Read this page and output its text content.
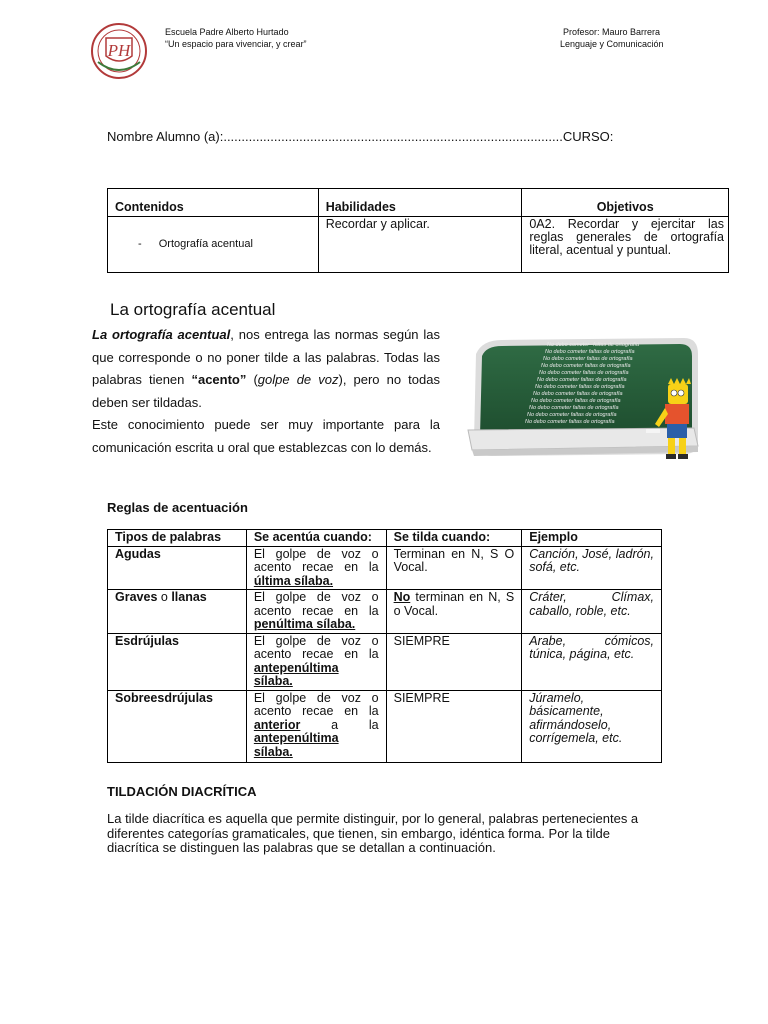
PH
Escuela Padre Alberto Hurtado
“Un espacio para vivenciar, y crear”
Profesor: Mauro Barrera
Lenguaje y Comunicación
Nombre Alumno (a):..............................................................................................CURSO:
Contenidos	Habilidades	Objetivos
- Ortografía acentual	Recordar y aplicar.	0A2. Recordar y ejercitar las reglas generales de ortografía literal, acentual y puntual.
La ortografía acentual
La ortografía acentual, nos entrega las normas según las que corresponde o no poner tilde a las palabras. Todas las palabras tienen “acento” (golpe de voz), pero no todas deben ser tildadas.
Este conocimiento puede ser muy importante para la comunicación escrita u oral que establezcas con lo demás.
No debo cometer faltas de ortografía
No debo cometer faltas de ortografía
No debo cometer faltas de ortografía
No debo cometer faltas de ortografía
No debo cometer faltas de ortografía
No debo cometer faltas de ortografía
No debo cometer faltas de ortografía
No debo cometer faltas de ortografía
No debo cometer faltas de ortografía
No debo cometer faltas de ortografía
No debo cometer faltas de ortografía
No debo cometer faltas de ortografía
Reglas de acentuación
Tipos de palabras	Se acentúa cuando:	Se tilda cuando:	Ejemplo
Agudas	El golpe de voz o acento recae en la última sílaba.	Terminan en N, S O Vocal.	Canción, José, ladrón, sofá, etc.
Graves o llanas	El golpe de voz o acento recae en la penúltima sílaba.	No terminan en N, S o Vocal.	Cráter, Clímax, caballo, roble, etc.
Esdrújulas	El golpe de voz o acento recae en la antepenúltima sílaba.	SIEMPRE	Arabe, cómicos, túnica, página, etc.
Sobreesdrújulas	El golpe de voz o acento recae en la anterior a la antepenúltima sílaba.	SIEMPRE	Júramelo, básicamente, afirmándoselo, corrígemela, etc.
TILDACIÓN DIACRÍTICA
La tilde diacrítica es aquella que permite distinguir, por lo general, palabras pertenecientes a diferentes categorías gramaticales, que tienen, sin embargo, idéntica forma. Por la tilde diacrítica se distinguen las palabras que se detallan a continuación.
